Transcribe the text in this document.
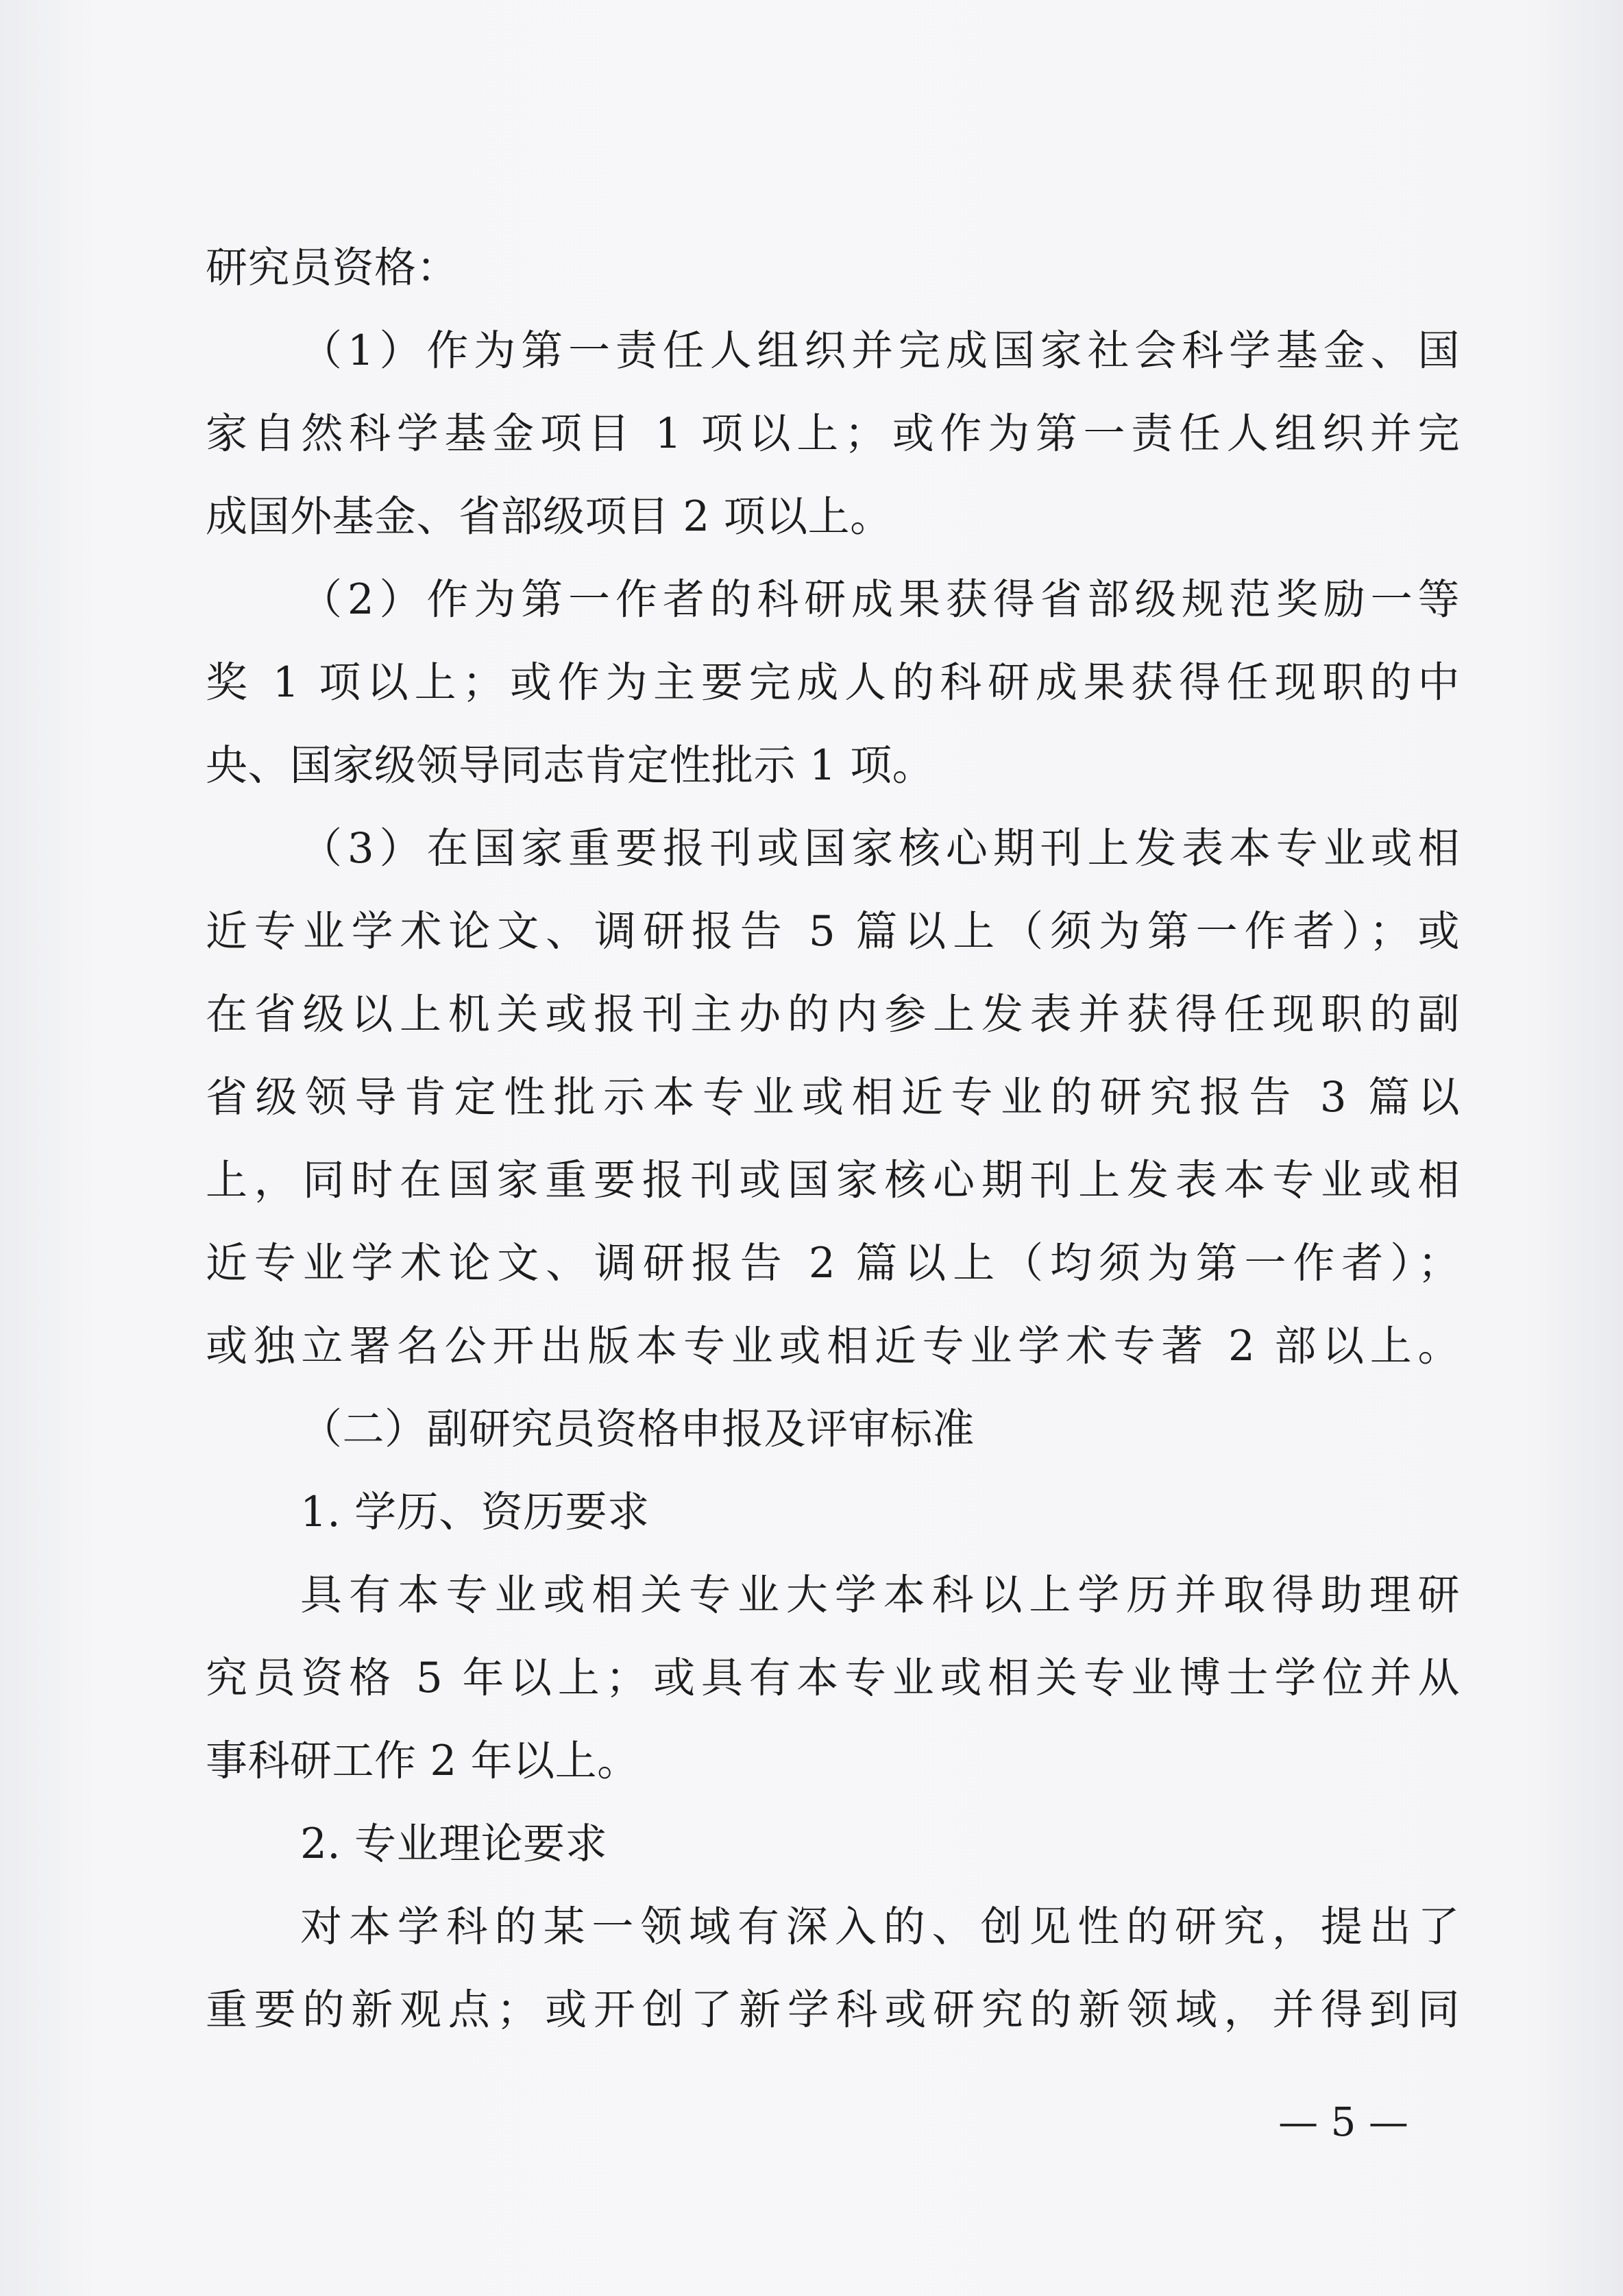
研究员资格：
（1）作为第一责任人组织并完成国家社会科学基金、国
家自然科学基金项目 1 项以上；或作为第一责任人组织并完
成国外基金、省部级项目 2 项以上。
（2）作为第一作者的科研成果获得省部级规范奖励一等
奖 1 项以上；或作为主要完成人的科研成果获得任现职的中
央、国家级领导同志肯定性批示 1 项。
（3）在国家重要报刊或国家核心期刊上发表本专业或相
近专业学术论文、调研报告 5 篇以上（须为第一作者）；或
在省级以上机关或报刊主办的内参上发表并获得任现职的副
省级领导肯定性批示本专业或相近专业的研究报告 3 篇以
上，同时在国家重要报刊或国家核心期刊上发表本专业或相
近专业学术论文、调研报告 2 篇以上（均须为第一作者）；
或独立署名公开出版本专业或相近专业学术专著 2 部以上。
（二）副研究员资格申报及评审标准
1. 学历、资历要求
具有本专业或相关专业大学本科以上学历并取得助理研
究员资格 5 年以上；或具有本专业或相关专业博士学位并从
事科研工作 2 年以上。
2. 专业理论要求
对本学科的某一领域有深入的、创见性的研究，提出了
重要的新观点；或开创了新学科或研究的新领域，并得到同
— 5 —
